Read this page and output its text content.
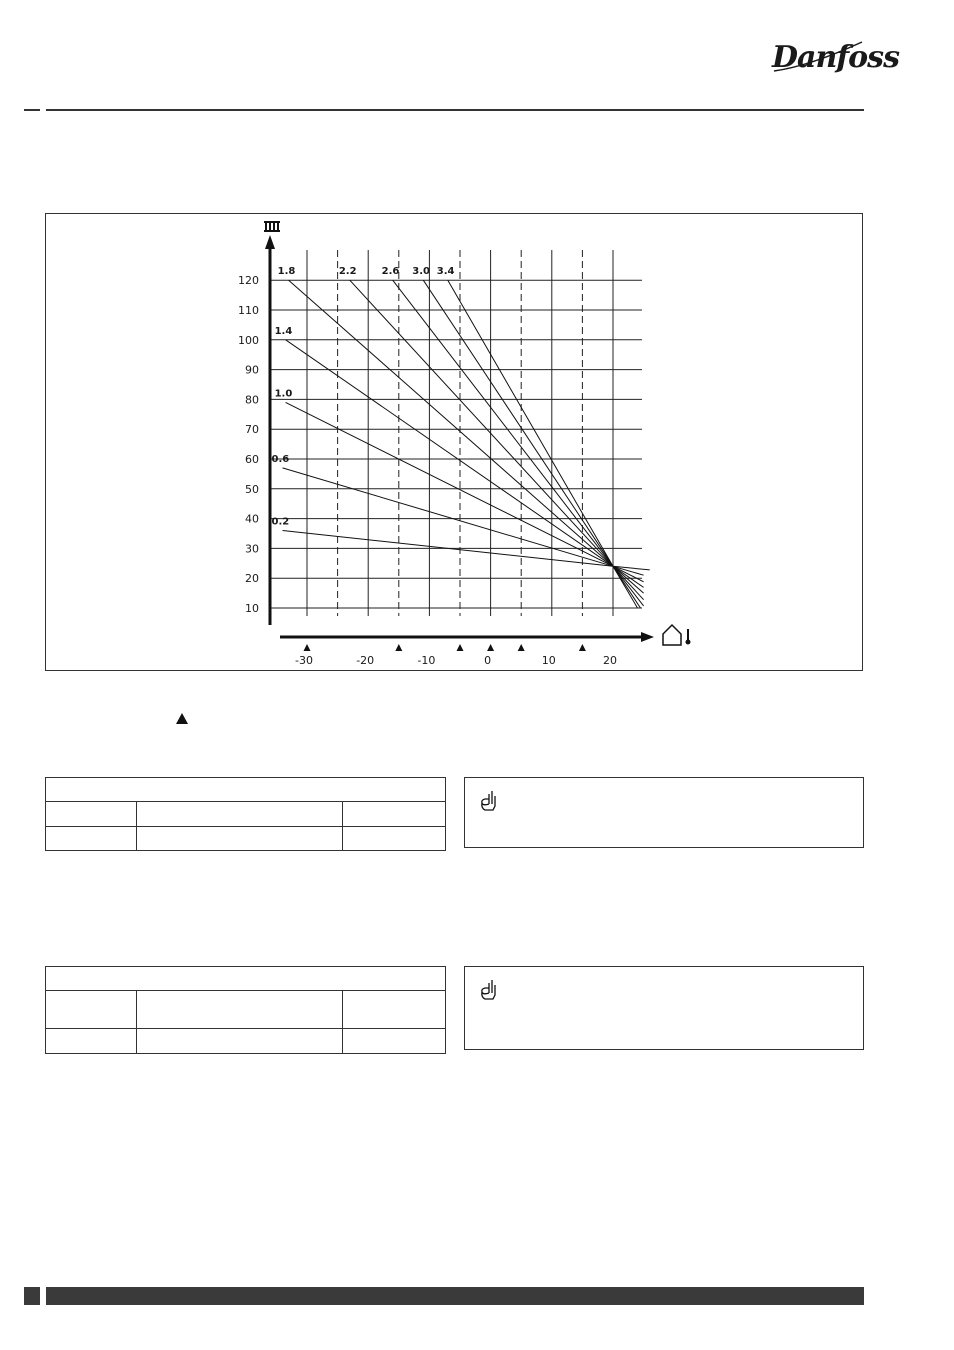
Danfoss
10
20
30
40
50
60
70
80
90
100
110
120
-30	-20	-10	0	10	20
0.2
0.6
1.0
1.4
1.8	2.2	2.6 3.0 3.4
